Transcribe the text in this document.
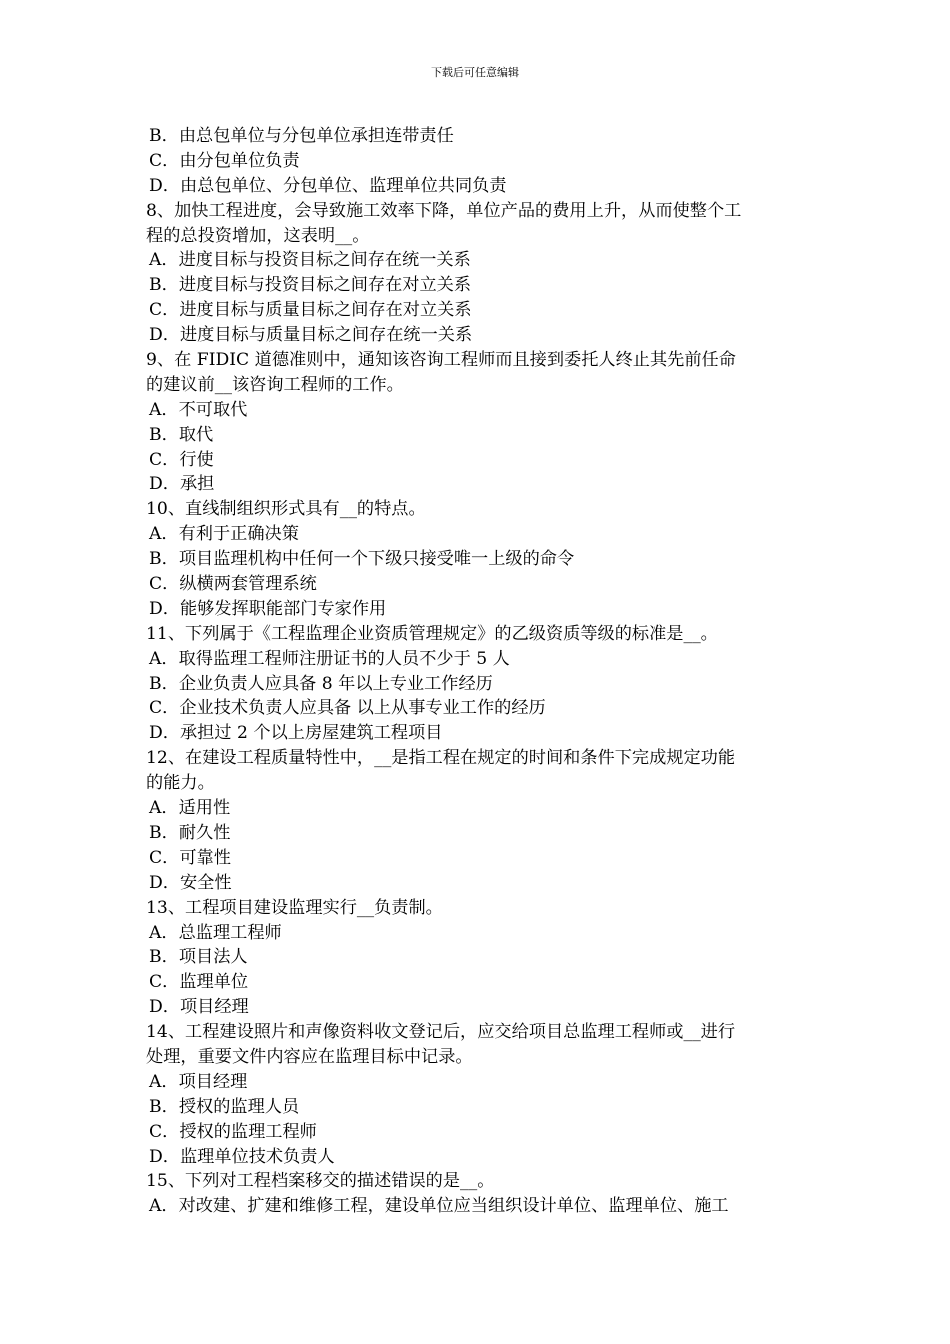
下载后可任意编辑
B．由总包单位与分包单位承担连带责任
C．由分包单位负责
D．由总包单位、分包单位、监理单位共同负责
8、加快工程进度，会导致施工效率下降，单位产品的费用上升，从而使整个工
程的总投资增加，这表明__。
A．进度目标与投资目标之间存在统一关系
B．进度目标与投资目标之间存在对立关系
C．进度目标与质量目标之间存在对立关系
D．进度目标与质量目标之间存在统一关系
9、在 FIDIC 道德准则中，通知该咨询工程师而且接到委托人终止其先前任命
的建议前__该咨询工程师的工作。
A．不可取代
B．取代
C．行使
D．承担
10、直线制组织形式具有__的特点。
A．有利于正确决策
B．项目监理机构中任何一个下级只接受唯一上级的命令
C．纵横两套管理系统
D．能够发挥职能部门专家作用
11、下列属于《工程监理企业资质管理规定》的乙级资质等级的标准是__。
A．取得监理工程师注册证书的人员不少于 5 人
B．企业负责人应具备 8 年以上专业工作经历
C．企业技术负责人应具备 以上从事专业工作的经历
D．承担过 2 个以上房屋建筑工程项目
12、在建设工程质量特性中，__是指工程在规定的时间和条件下完成规定功能
的能力。
A．适用性
B．耐久性
C．可靠性
D．安全性
13、工程项目建设监理实行__负责制。
A．总监理工程师
B．项目法人
C．监理单位
D．项目经理
14、工程建设照片和声像资料收文登记后，应交给项目总监理工程师或__进行
处理，重要文件内容应在监理目标中记录。
A．项目经理
B．授权的监理人员
C．授权的监理工程师
D．监理单位技术负责人
15、下列对工程档案移交的描述错误的是__。
A．对改建、扩建和维修工程，建设单位应当组织设计单位、监理单位、施工
